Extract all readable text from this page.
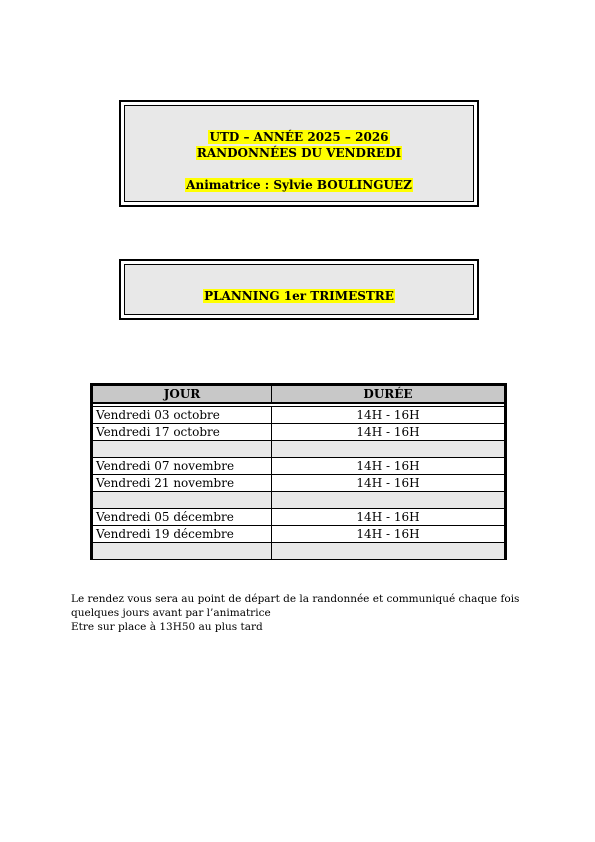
UTD – ANNÉE 2025 – 2026
RANDONNÉES DU VENDREDI
Animatrice : Sylvie BOULINGUEZ
PLANNING 1er TRIMESTRE
JOUR	DURÉE

Vendredi 03 octobre	14H - 16H
Vendredi 17 octobre	14H - 16H

Vendredi 07 novembre	14H - 16H
Vendredi 21 novembre	14H - 16H

Vendredi 05 décembre	14H - 16H
Vendredi 19 décembre	14H - 16H

Le rendez vous sera au point de départ de la randonnée et communiqué chaque fois
quelques jours avant par l’animatrice
Etre sur place à 13H50 au plus tard
